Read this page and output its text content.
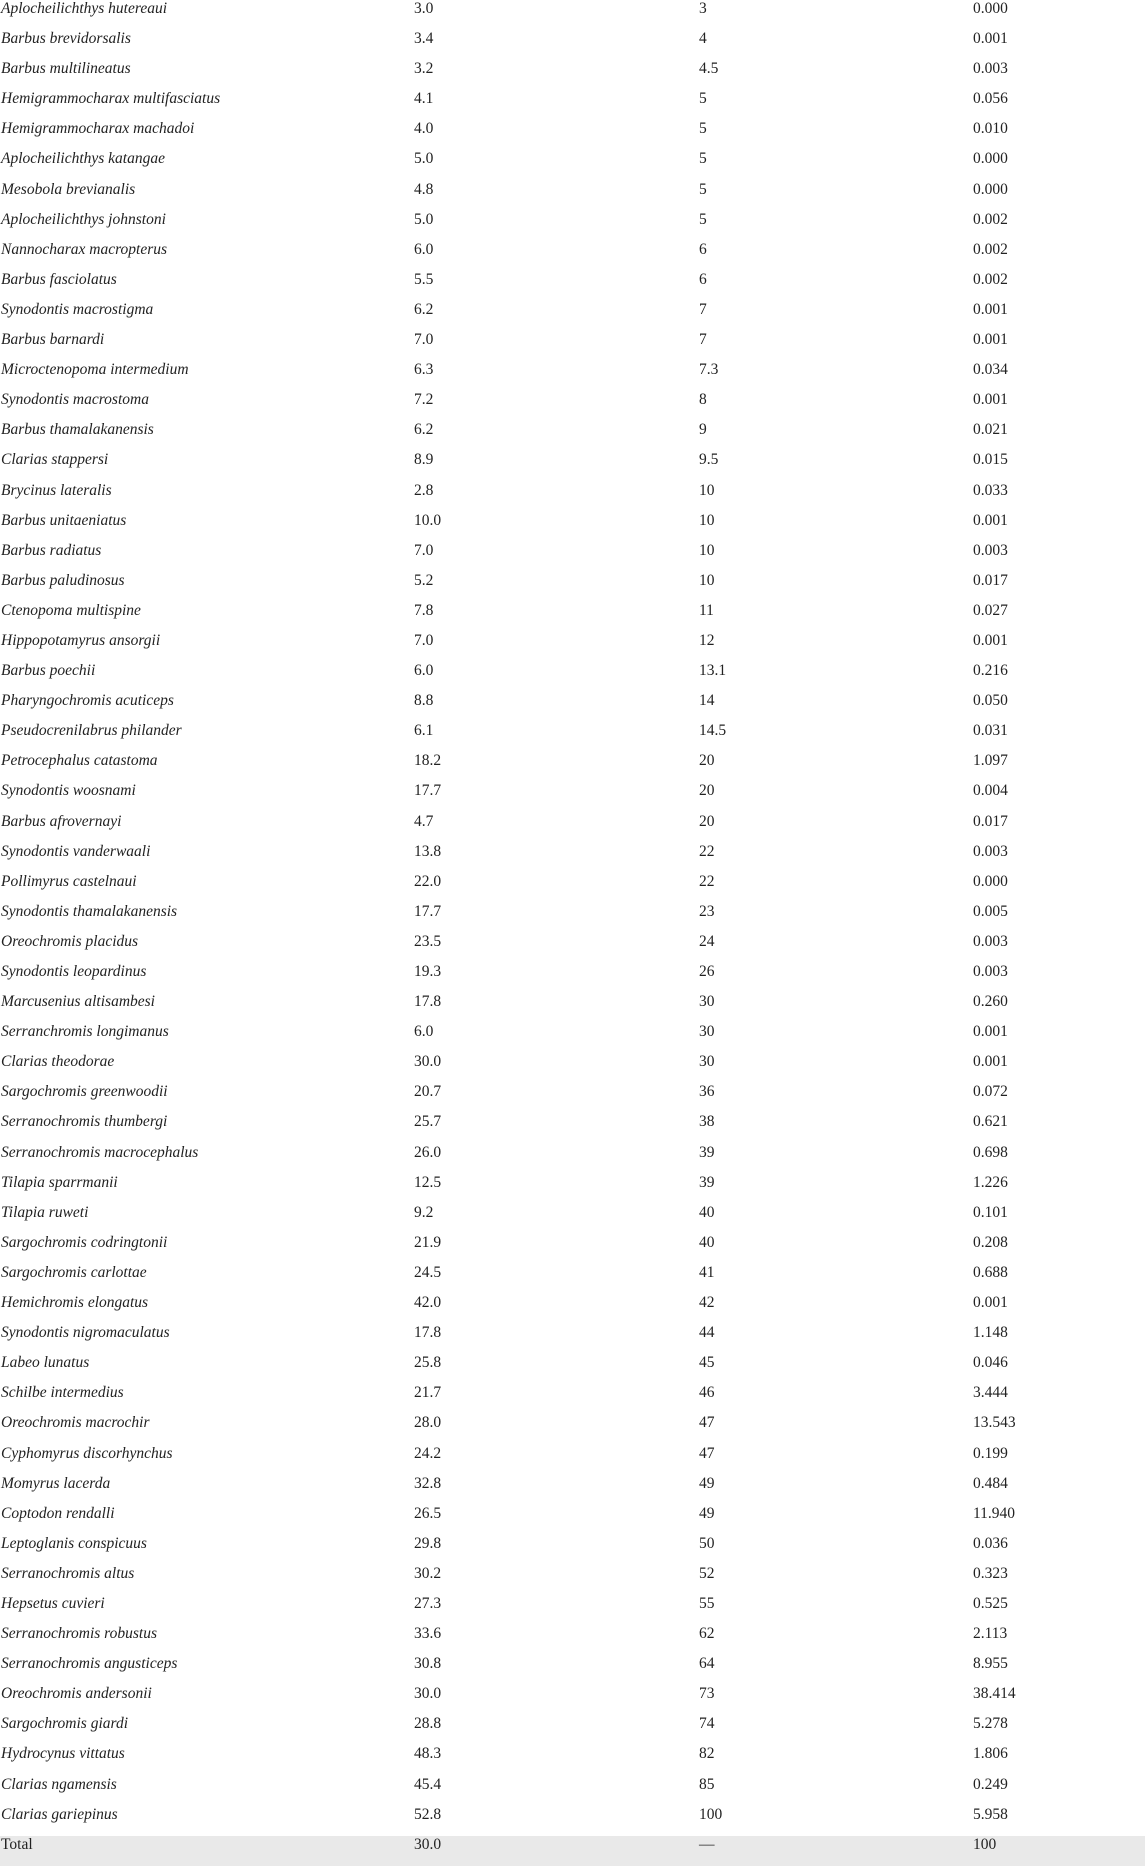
Aplocheilichthys hutereaui	3.0	3	0.000
Barbus brevidorsalis	3.4	4	0.001
Barbus multilineatus	3.2	4.5	0.003
Hemigrammocharax multifasciatus	4.1	5	0.056
Hemigrammocharax machadoi	4.0	5	0.010
Aplocheilichthys katangae	5.0	5	0.000
Mesobola brevianalis	4.8	5	0.000
Aplocheilichthys johnstoni	5.0	5	0.002
Nannocharax macropterus	6.0	6	0.002
Barbus fasciolatus	5.5	6	0.002
Synodontis macrostigma	6.2	7	0.001
Barbus barnardi	7.0	7	0.001
Microctenopoma intermedium	6.3	7.3	0.034
Synodontis macrostoma	7.2	8	0.001
Barbus thamalakanensis	6.2	9	0.021
Clarias stappersi	8.9	9.5	0.015
Brycinus lateralis	2.8	10	0.033
Barbus unitaeniatus	10.0	10	0.001
Barbus radiatus	7.0	10	0.003
Barbus paludinosus	5.2	10	0.017
Ctenopoma multispine	7.8	11	0.027
Hippopotamyrus ansorgii	7.0	12	0.001
Barbus poechii	6.0	13.1	0.216
Pharyngochromis acuticeps	8.8	14	0.050
Pseudocrenilabrus philander	6.1	14.5	0.031
Petrocephalus catastoma	18.2	20	1.097
Synodontis woosnami	17.7	20	0.004
Barbus afrovernayi	4.7	20	0.017
Synodontis vanderwaali	13.8	22	0.003
Pollimyrus castelnaui	22.0	22	0.000
Synodontis thamalakanensis	17.7	23	0.005
Oreochromis placidus	23.5	24	0.003
Synodontis leopardinus	19.3	26	0.003
Marcusenius altisambesi	17.8	30	0.260
Serranchromis longimanus	6.0	30	0.001
Clarias theodorae	30.0	30	0.001
Sargochromis greenwoodii	20.7	36	0.072
Serranochromis thumbergi	25.7	38	0.621
Serranochromis macrocephalus	26.0	39	0.698
Tilapia sparrmanii	12.5	39	1.226
Tilapia ruweti	9.2	40	0.101
Sargochromis codringtonii	21.9	40	0.208
Sargochromis carlottae	24.5	41	0.688
Hemichromis elongatus	42.0	42	0.001
Synodontis nigromaculatus	17.8	44	1.148
Labeo lunatus	25.8	45	0.046
Schilbe intermedius	21.7	46	3.444
Oreochromis macrochir	28.0	47	13.543
Cyphomyrus discorhynchus	24.2	47	0.199
Momyrus lacerda	32.8	49	0.484
Coptodon rendalli	26.5	49	11.940
Leptoglanis conspicuus	29.8	50	0.036
Serranochromis altus	30.2	52	0.323
Hepsetus cuvieri	27.3	55	0.525
Serranochromis robustus	33.6	62	2.113
Serranochromis angusticeps	30.8	64	8.955
Oreochromis andersonii	30.0	73	38.414
Sargochromis giardi	28.8	74	5.278
Hydrocynus vittatus	48.3	82	1.806
Clarias ngamensis	45.4	85	0.249
Clarias gariepinus	52.8	100	5.958
Total	30.0	—	100
